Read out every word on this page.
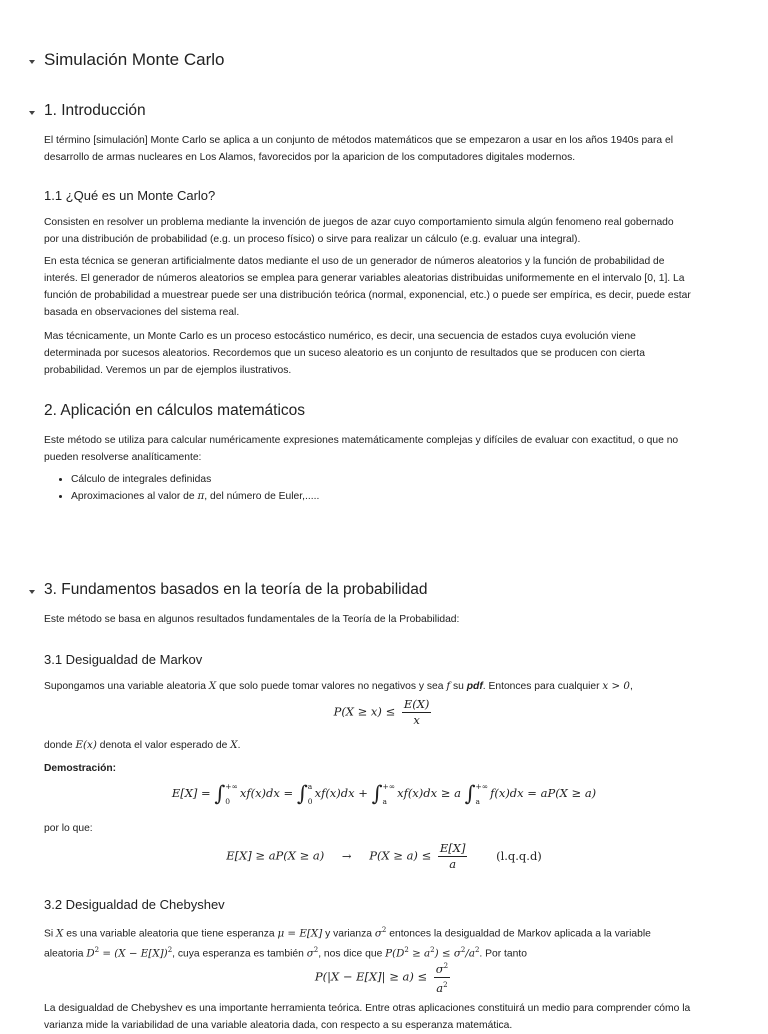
Simulación Monte Carlo
1. Introducción
El término [simulación] Monte Carlo se aplica a un conjunto de métodos matemáticos que se empezaron a usar en los años 1940s para el
desarrollo de armas nucleares en Los Alamos, favorecidos por la aparicion de los computadores digitales modernos.
1.1 ¿Qué es un Monte Carlo?
Consisten en resolver un problema mediante la invención de juegos de azar cuyo comportamiento simula algún fenomeno real gobernado
por una distribución de probabilidad (e.g. un proceso físico) o sirve para realizar un cálculo (e.g. evaluar una integral).
En esta técnica se generan artificialmente datos mediante el uso de un generador de números aleatorios y la función de probabilidad de
interés. El generador de números aleatorios se emplea para generar variables aleatorias distribuidas uniformemente en el intervalo [0, 1]. La
función de probabilidad a muestrear puede ser una distribución teórica (normal, exponencial, etc.) o puede ser empírica, es decir, puede estar
basada en observaciones del sistema real.
Mas técnicamente, un Monte Carlo es un proceso estocástico numérico, es decir, una secuencia de estados cuya evolución viene
determinada por sucesos aleatorios. Recordemos que un suceso aleatorio es un conjunto de resultados que se producen con cierta
probabilidad. Veremos un par de ejemplos ilustrativos.
2. Aplicación en cálculos matemáticos
Este método se utiliza para calcular numéricamente expresiones matemáticamente complejas y difíciles de evaluar con exactitud, o que no
pueden resolverse analíticamente:
• Cálculo de integrales definidas
• Aproximaciones al valor de π, del número de Euler,.....
3. Fundamentos basados en la teoría de la probabilidad
Este método se basa en algunos resultados fundamentales de la Teoría de la Probabilidad:
3.1 Desigualdad de Markov
Supongamos una variable aleatoria X que solo puede tomar valores no negativos y sea f su pdf. Entonces para cualquier x > 0,
$P(X \ge x) \le \frac{E(X)}{x}$
donde E(x) denota el valor esperado de X.
Demostración:
E[X] = ∫ +∞
0
xf(x)dx = ∫ a
0
xf(x)dx + ∫ +∞
a
xf(x)dx ≥ a ∫ +∞
a
f(x)dx = aP(X ≥ a)
por lo que:
$E[X] \ge aP(X \ge a) \to P(X \ge a) \le \frac{E[X]}{a} (l.q.q.d)$
3.2 Desigualdad de Chebyshev
Si X es una variable aleatoria que tiene esperanza μ = E[X] y varianza $\sigma^2$ entonces la desigualdad de Markov aplicada a la variable
aleatoria $D^2 = (X - E[X])^2$, cuya esperanza es también $\sigma^2$, nos dice que $P(D^2 \ge a^2) \le \sigma^2/a^2$. Por tanto
$P(|X - E[X]| \ge a) \le \frac{\sigma^2}{a^2}$
La desigualdad de Chebyshev es una importante herramienta teórica. Entre otras aplicaciones constituirá un medio para comprender cómo la
varianza mide la variabilidad de una variable aleatoria dada, con respecto a su esperanza matemática.
